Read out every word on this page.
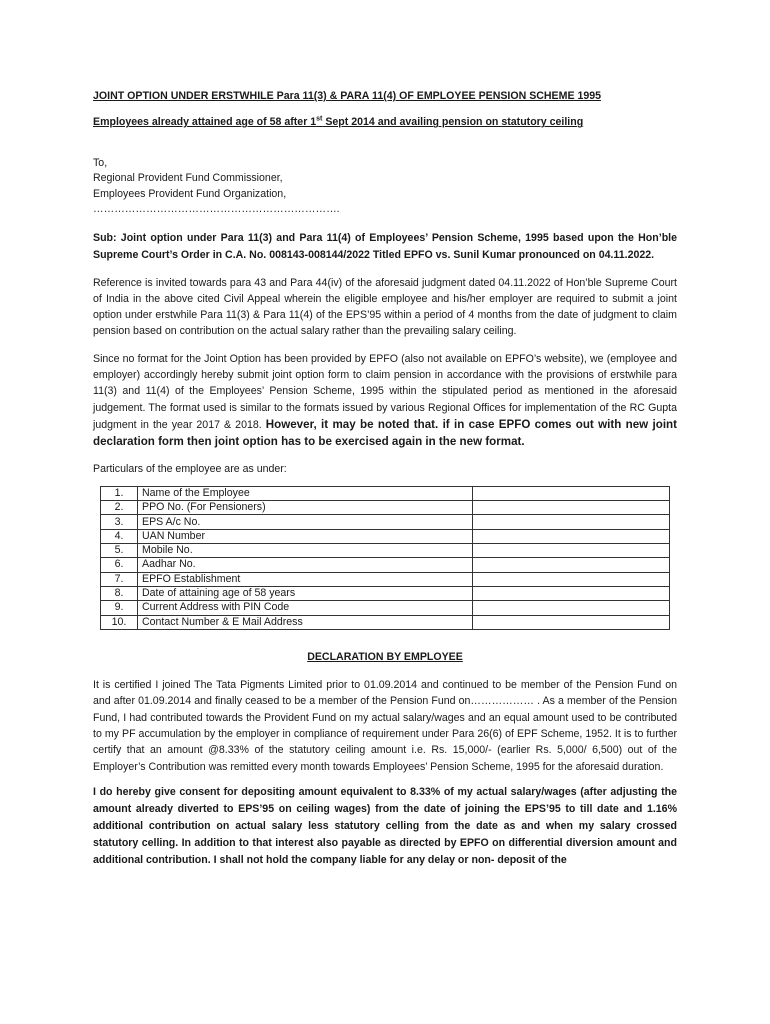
JOINT OPTION UNDER ERSTWHILE Para 11(3) & PARA 11(4) OF EMPLOYEE PENSION SCHEME 1995

Employees already attained age of 58 after 1st Sept 2014 and availing pension on statutory ceiling

To,
Regional Provident Fund Commissioner,
Employees Provident Fund Organization,
…………………………………………………………….
Sub: Joint option under Para 11(3) and Para 11(4) of Employees’ Pension Scheme, 1995 based upon the Hon’ble Supreme Court’s Order in C.A. No. 008143-008144/2022 Titled EPFO vs. Sunil Kumar pronounced on 04.11.2022.
Reference is invited towards para 43 and Para 44(iv) of the aforesaid judgment dated 04.11.2022 of Hon’ble Supreme Court of India in the above cited Civil Appeal wherein the eligible employee and his/her employer are required to submit a joint option under erstwhile Para 11(3) & Para 11(4) of the EPS’95 within a period of 4 months from the date of judgment to claim pension based on contribution on the actual salary rather than the prevailing salary ceiling.
Since no format for the Joint Option has been provided by EPFO (also not available on EPFO’s website), we (employee and employer) accordingly hereby submit joint option form to claim pension in accordance with the provisions of erstwhile para 11(3) and 11(4) of the Employees’ Pension Scheme, 1995 within the stipulated period as mentioned in the aforesaid judgement. The format used is similar to the formats issued by various Regional Offices for implementation of the RC Gupta judgment in the year 2017 & 2018. However, it may be noted that. if in case EPFO comes out with new joint declaration form then joint option has to be exercised again in the new format.
Particulars of the employee are as under:
1.	Name of the Employee	
2.	PPO No. (For Pensioners)	
3.	EPS A/c No.	
4.	UAN Number	
5.	Mobile No.	
6.	Aadhar No.	
7.	EPFO Establishment	
8.	Date of attaining age of 58 years	
9.	Current Address with PIN Code	
10.	Contact Number & E Mail Address	
DECLARATION BY EMPLOYEE
It is certified I joined The Tata Pigments Limited prior to 01.09.2014 and continued to be member of the Pension Fund on and after 01.09.2014 and finally ceased to be a member of the Pension Fund on……………… . As a member of the Pension Fund, I had contributed towards the Provident Fund on my actual salary/wages and an equal amount used to be contributed to my PF accumulation by the employer in compliance of requirement under Para 26(6) of EPF Scheme, 1952. It is to further certify that an amount @8.33% of the statutory ceiling amount i.e. Rs. 15,000/- (earlier Rs. 5,000/ 6,500) out of the Employer’s Contribution was remitted every month towards Employees’ Pension Scheme, 1995 for the aforesaid duration.
I do hereby give consent for depositing amount equivalent to 8.33% of my actual salary/wages (after adjusting the amount already diverted to EPS’95 on ceiling wages) from the date of joining the EPS’95 to till date and 1.16% additional contribution on actual salary less statutory celling from the date as and when my salary crossed statutory celling. In addition to that interest also payable as directed by EPFO on differential diversion amount and additional contribution. I shall not hold the company liable for any delay or non- deposit of the
